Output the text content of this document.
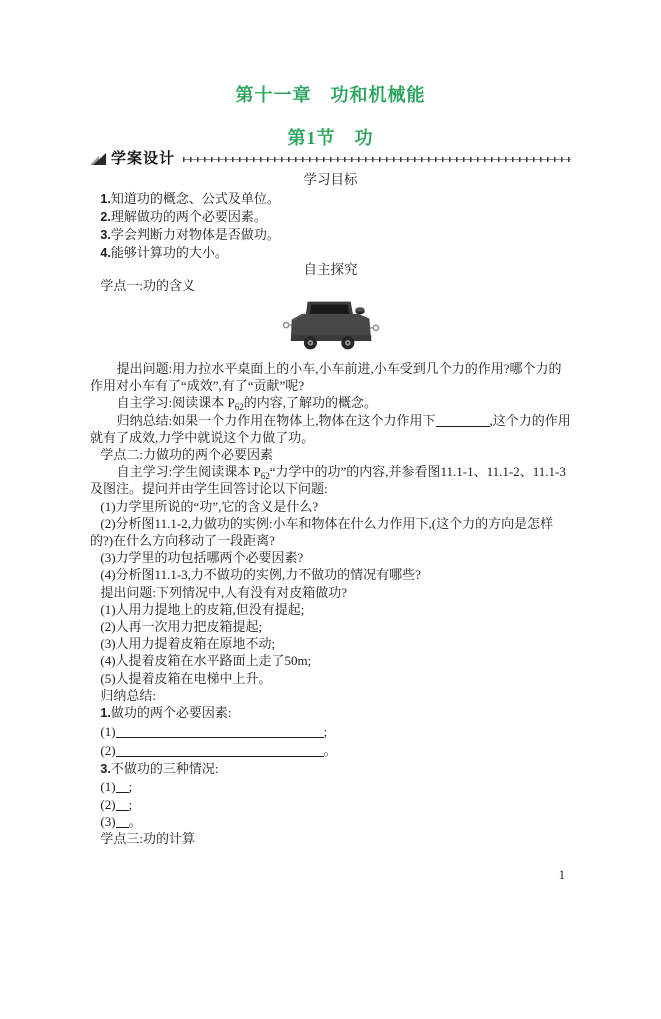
第十一章　功和机械能
第1节　功
学案设计
学习目标
1.知道功的概念、公式及单位。
2.理解做功的两个必要因素。
3.学会判断力对物体是否做功。
4.能够计算功的大小。
自主探究
学点一:功的含义

提出问题:用力拉水平桌面上的小车,小车前进,小车受到几个力的作用?哪个力的作用对小车有了“成效”,有了“贡献”呢?

自主学习:阅读课本 $P_{62}$的内容,了解功的概念。

归纳总结:如果一个力作用在物体上,物体在这个力作用下	,这个力的作用就有了成效,力学中就说这个力做了功。

学点二:力做功的两个必要因素

自主学习:学生阅读课本 $P_{62}“$力学中的功”的内容,并参看图11.1-1、11.1-2、11.1-3及图注。提问并由学生回答讨论以下问题:

(1)力学里所说的“功”,它的含义是什么?

(2)分析图11.1-2,力做功的实例:小车和物体在什么力作用下,(这个力的方向是怎样的?)在什么方向移动了一段距离?

(3)力学里的功包括哪两个必要因素?

(4)分析图11.1-3,力不做功的实例,力不做功的情况有哪些?

提出问题:下列情况中,人有没有对皮箱做功?

(1)人用力提地上的皮箱,但没有提起;

(2)人再一次用力把皮箱提起;

(3)人用力提着皮箱在原地不动;

(4)人提着皮箱在水平路面上走了50m;

(5)人提着皮箱在电梯中上升。

归纳总结:

1.做功的两个必要因素:

(1)	;

(2)	。

3.不做功的三种情况:

(1) ;

(2) ;

(3) 。

学点三:功的计算

1
